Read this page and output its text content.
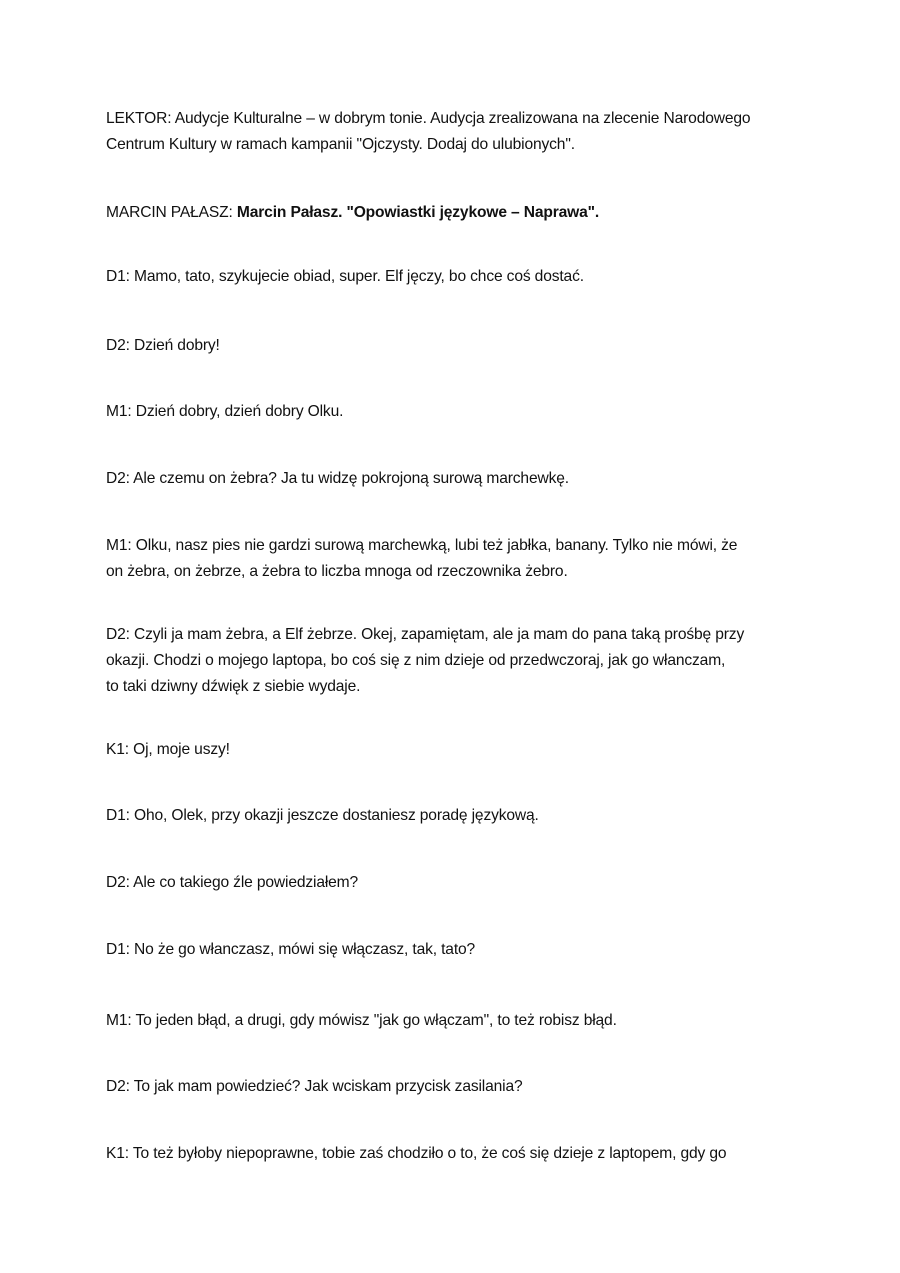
LEKTOR: Audycje Kulturalne – w dobrym tonie. Audycja zrealizowana na zlecenie Narodowego
Centrum Kultury w ramach kampanii "Ojczysty. Dodaj do ulubionych".

MARCIN PAŁASZ: Marcin Pałasz. "Opowiastki językowe – Naprawa".

D1: Mamo, tato, szykujecie obiad, super. Elf jęczy, bo chce coś dostać.

D2: Dzień dobry!

M1: Dzień dobry, dzień dobry Olku.

D2: Ale czemu on żebra? Ja tu widzę pokrojoną surową marchewkę.

M1: Olku, nasz pies nie gardzi surową marchewką, lubi też jabłka, banany. Tylko nie mówi, że
on żebra, on żebrze, a żebra to liczba mnoga od rzeczownika żebro.

D2: Czyli ja mam żebra, a Elf żebrze. Okej, zapamiętam, ale ja mam do pana taką prośbę przy
okazji. Chodzi o mojego laptopa, bo coś się z nim dzieje od przedwczoraj, jak go włanczam,
to taki dziwny dźwięk z siebie wydaje.

K1: Oj, moje uszy!

D1: Oho, Olek, przy okazji jeszcze dostaniesz poradę językową.

D2: Ale co takiego źle powiedziałem?

D1: No że go włanczasz, mówi się włączasz, tak, tato?

M1: To jeden błąd, a drugi, gdy mówisz "jak go włączam", to też robisz błąd.

D2: To jak mam powiedzieć? Jak wciskam przycisk zasilania?

K1: To też byłoby niepoprawne, tobie zaś chodziło o to, że coś się dzieje z laptopem, gdy go
